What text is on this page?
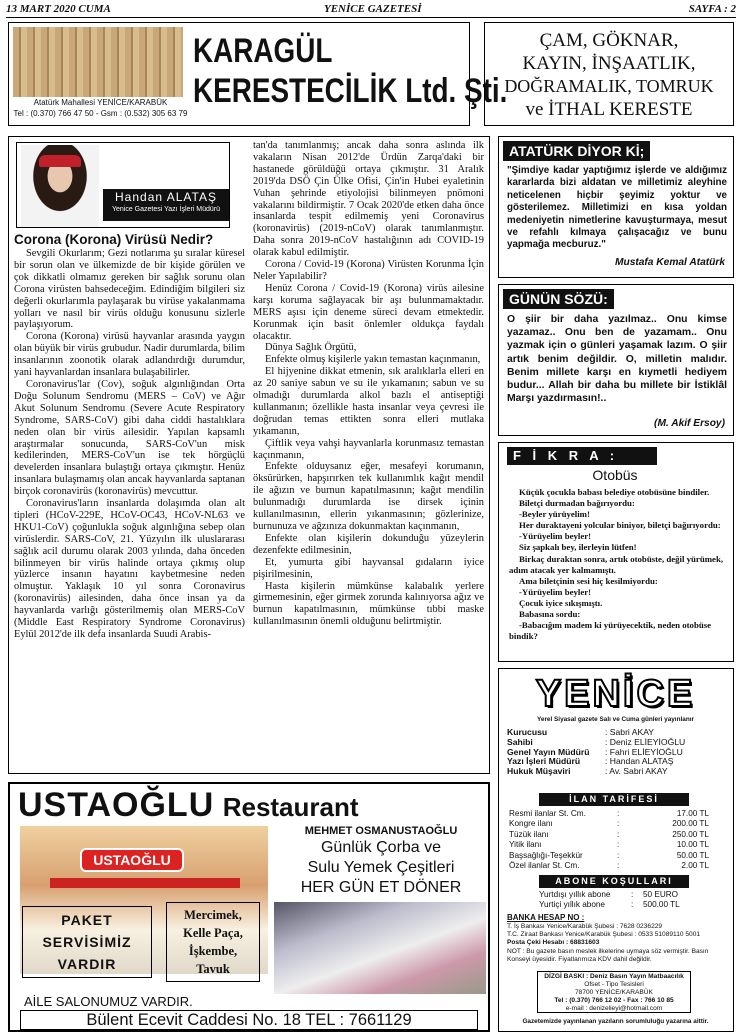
13 MART 2020 CUMA	YENİCE GAZETESİ	SAYFA : 2
Atatürk Mahallesi YENİCE/KARABÜK
Tel : (0.370) 766 47 50 - Gsm : (0.532) 305 63 79
KARAGÜL
KERESTECİLİK Ltd. Şti.
ÇAM, GÖKNAR,
KAYIN, İNŞAATLIK,
DOĞRAMALIK, TOMRUK
ve İTHAL KERESTE
Handan ALATAŞ
Yenice Gazetesi Yazı İşleri Müdürü
Corona (Korona) Virüsü Nedir?

Sevgili Okurlarım; Gezi notlarıma şu sıralar küresel bir sorun olan ve ülkemizde de bir kişide görülen ve çok dikkatli olmamız gereken bir sağlık sorunu olan Corona virüsten bahsedeceğim. Edindiğim bilgileri siz değerli okurlarımla paylaşarak bu virüse yakalanmama yolları ve nasıl bir virüs olduğu konusunu sizlerle paylaşıyorum.

Corona (Korona) virüsü hayvanlar arasında yaygın olan büyük bir virüs grubudur. Nadir durumlarda, bilim insanlarının zoonotik olarak adlandırdığı durumdur, yani hayvanlardan insanlara bulaşabilirler.

Coronavirus'lar (Cov), soğuk algınlığından Orta Doğu Solunum Sendromu (MERS – CoV) ve Ağır Akut Solunum Sendromu (Severe Acute Respiratory Syndrome, SARS-CoV) gibi daha ciddi hastalıklara neden olan bir virüs ailesidir. Yapılan kapsamlı araştırmalar sonucunda, SARS-CoV'un misk kedilerinden, MERS-CoV'un ise tek hörgüçlü develerden insanlara bulaştığı ortaya çıkmıştır. Henüz insanlara bulaşmamış olan ancak hayvanlarda saptanan birçok coronavirüs (koronavirüs) mevcuttur.

Coronavirus'ların insanlarda dolaşımda olan alt tipleri (HCoV-229E, HCoV-OC43, HCoV-NL63 ve HKU1-CoV) çoğunlukla soğuk algınlığına sebep olan virüslerdir. SARS-CoV, 21. Yüzyılın ilk uluslararası sağlık acil durumu olarak 2003 yılında, daha önceden bilinmeyen bir virüs halinde ortaya çıkmış olup yüzlerce insanın hayatını kaybetmesine neden olmuştur. Yaklaşık 10 yıl sonra Coronavirus (koronavirüs) ailesinden, daha önce insan ya da hayvanlarda varlığı gösterilmemiş olan MERS-CoV (Middle East Respiratory Syndrome Coronavirus) Eylül 2012'de ilk defa insanlarda Suudi Arabis-

tan'da tanımlanmış; ancak daha sonra aslında ilk vakaların Nisan 2012'de Ürdün Zarqa'daki bir hastanede görüldüğü ortaya çıkmıştır. 31 Aralık 2019'da DSÖ Çin Ülke Ofisi, Çin'in Hubei eyaletinin Vuhan şehrinde etiyolojisi bilinmeyen pnömoni vakalarını bildirmiştir. 7 Ocak 2020'de etken daha önce insanlarda tespit edilmemiş yeni Coronavirus (koronavirüs) (2019-nCoV) olarak tanımlanmıştır. Daha sonra 2019-nCoV hastalığının adı COVID-19 olarak kabul edilmiştir.

Corona / Covid-19 (Korona) Virüsten Korunma İçin Neler Yapılabilir?

Henüz Corona / Covid-19 (Korona) virüs ailesine karşı koruma sağlayacak bir aşı bulunmamaktadır. MERS aşısı için deneme süreci devam etmektedir. Korunmak için basit önlemler oldukça faydalı olacaktır.

Dünya Sağlık Örgütü,

Enfekte olmuş kişilerle yakın temastan kaçınmanın,

El hijyenine dikkat etmenin, sık aralıklarla elleri en az 20 saniye sabun ve su ile yıkamanın; sabun ve su olmadığı durumlarda alkol bazlı el antiseptiği kullanmanın; özellikle hasta insanlar veya çevresi ile doğrudan temas ettikten sonra elleri mutlaka yıkamanın,

Çiftlik veya vahşi hayvanlarla korunmasız temastan kaçınmanın,

Enfekte olduysanız eğer, mesafeyi korumanın, öksürürken, hapşırırken tek kullanımlık kağıt mendil ile ağızın ve burnun kapatılmasının; kağıt mendilin bulunmadığı durumlarda ise dirsek içinin kullanılmasının, ellerin yıkanmasının; gözlerinize, burnunuza ve ağzınıza dokunmaktan kaçınmanın,

Enfekte olan kişilerin dokunduğu yüzeylerin dezenfekte edilmesinin,

Et, yumurta gibi hayvansal gıdaların iyice pişirilmesinin,

Hasta kişilerin mümkünse kalabalık yerlere girmemesinin, eğer girmek zorunda kalınıyorsa ağız ve burnun kapatılmasının, mümkünse tıbbi maske kullanılmasının önemli olduğunu belirtmiştir.

ATATÜRK DİYOR Kİ;
"Şimdiye kadar yaptığımız işlerde ve aldığımız kararlarda bizi aldatan ve milletimiz aleyhine neticelenen hiçbir şeyimiz yoktur ve gösterilemez. Milletimizi en kısa yoldan medeniyetin nimetlerine kavuşturmaya, mesut ve refahlı kılmaya çalışacağız ve bunu yapmağa mecburuz."
Mustafa Kemal Atatürk
GÜNÜN SÖZÜ:
O şiir bir daha yazılmaz.. Onu kimse yazamaz.. Onu ben de yazamam.. Onu yazmak için o günleri yaşamak lazım. O şiir artık benim değildir. O, milletin malıdır. Benim millete karşı en kıymetli hediyem budur... Allah bir daha bu millete bir İstiklâl Marşı yazdırmasın!..
(M. Akif Ersoy)
F İ K R A :
Otobüs
Küçük çocukla babası belediye otobüsüne bindiler.
Biletçi durmadan bağırıyordu:
-Beyler yürüyelim!
Her duraktayeni yolcular biniyor, biletçi bağırıyordu:
-Yürüyelim beyler!
Siz şapkalı bey, ilerleyin lütfen!
Birkaç duraktan sonra, artık otobüste, değil yürümek, adım atacak yer kalmamıştı.
Ama biletçinin sesi hiç kesilmiyordu:
-Yürüyelim beyler!
Çocuk iyice sıkışmıştı.
Babasına sordu:
-Babacığım madem ki yürüyecektik, neden otobüse bindik?
YENİCE
Yerel Siyasal gazete Salı ve Cuma günleri yayınlanır
Kurucusu	: Sabri AKAY
Sahibi	: Deniz ELİEYİOĞLU
Genel Yayın Müdürü	: Fahri ELİEYİOĞLU
Yazı İşleri Müdürü	: Handan ALATAŞ
Hukuk Müşaviri	: Av. Sabri AKAY
İLAN TARİFESİ
Resmi ilanlar St. Cm.	:	17.00 TL
Kongre ilanı	:	200.00 TL
Tüzük ilanı	:	250.00 TL
Yitik ilanı	:	10.00 TL
Başsağlığı-Teşekkür	:	50.00 TL
Özel ilanlar St. Cm.	:	2.00 TL
ABONE KOŞULLARI
Yurtdışı yıllık abone	:	50 EURO
Yurtiçi yıllık abone	:	500.00 TL
BANKA HESAP NO :
T. İş Bankası Yenice/Karabük Şubesi : 7628 0236229
T.C. Ziraat Bankası Yenice/Karabük Şubesi : 0533 51089110 5001
Posta Çeki Hesabı : 68831603
NOT : Bu gazete basın meslek ilkelerine uymaya söz vermiştir. Basın Konseyi üyesidir. Fiyatlarımıza KDV dahil değildir.
DİZGİ BASKI : Deniz Basın Yayın Matbaacılık
Ofset - Tipo Tesisleri
78700 YENİCE/KARABÜK
Tel : (0.370) 766 12 02 - Fax : 766 10 85
e-mail : denizelieyi@hotmail.com
Gazetemizde yayınlanan yazıların sorumluluğu yazarına aittir.
USTAOĞLU Restaurant
USTAOĞLU
MEHMET OSMANUSTAOĞLU
Günlük Çorba ve
Sulu Yemek Çeşitleri
HER GÜN ET DÖNER
PAKET
SERVİSİMİZ
VARDIR
Mercimek,
Kelle Paça,
İşkembe,
Tavuk
AİLE SALONUMUZ VARDIR.
Bülent Ecevit Caddesi No. 18 TEL : 7661129
